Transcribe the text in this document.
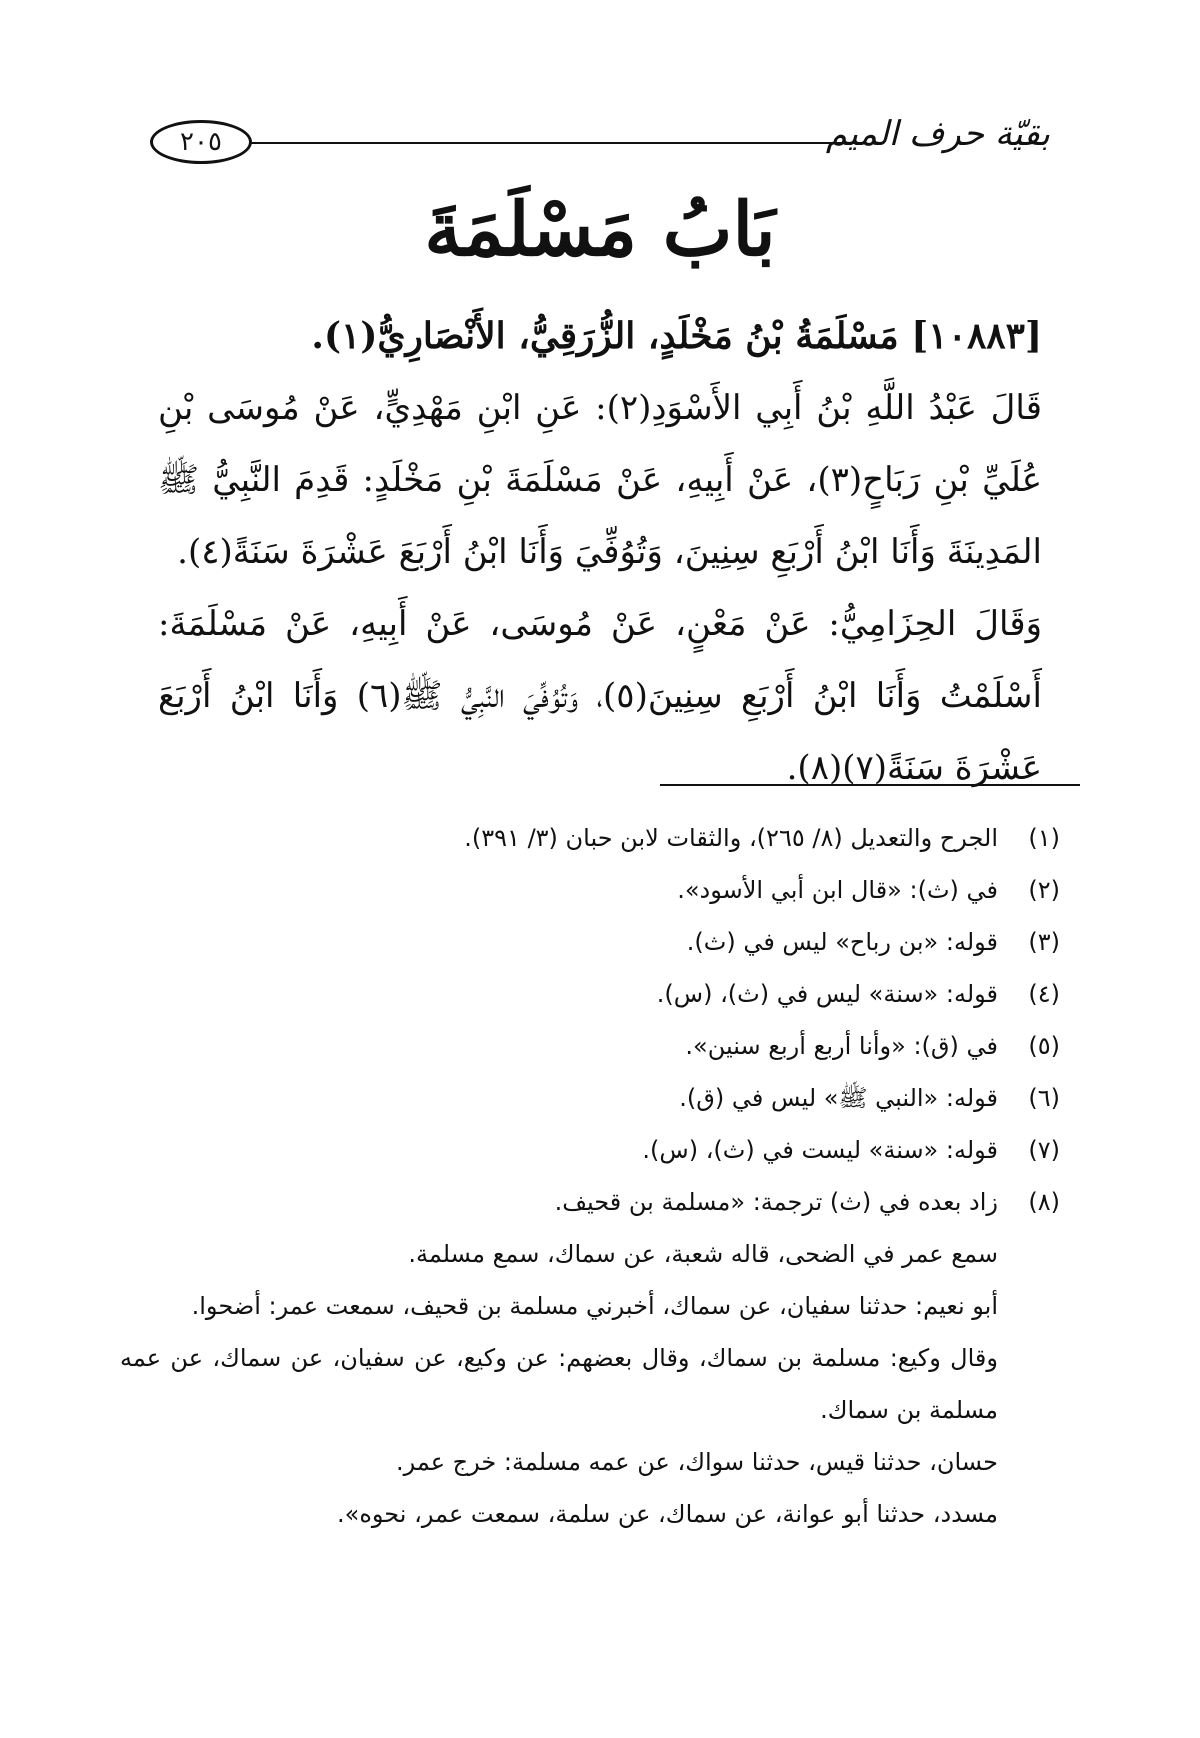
بقيّة حرف الميم
٢٠٥
بَابُ مَسْلَمَةَ

[١٠٨٨٣] مَسْلَمَةُ بْنُ مَخْلَدٍ، الزُّرَقِيُّ، الأَنْصَارِيُّ(١).

قَالَ عَبْدُ اللَّهِ بْنُ أَبِي الأَسْوَدِ(٢): عَنِ ابْنِ مَهْدِيٍّ، عَنْ مُوسَى بْنِ عُلَيِّ بْنِ رَبَاحٍ(٣)، عَنْ أَبِيهِ، عَنْ مَسْلَمَةَ بْنِ مَخْلَدٍ: قَدِمَ النَّبِيُّ ﷺ المَدِينَةَ وَأَنَا ابْنُ أَرْبَعِ سِنِينَ، وَتُوُفِّيَ وَأَنَا ابْنُ أَرْبَعَ عَشْرَةَ سَنَةً(٤).

وَقَالَ الحِزَامِيُّ: عَنْ مَعْنٍ، عَنْ مُوسَى، عَنْ أَبِيهِ، عَنْ مَسْلَمَةَ: أَسْلَمْتُ وَأَنَا ابْنُ أَرْبَعِ سِنِينَ(٥)، وَتُوُفِّيَ النَّبِيُّ ﷺ(٦) وَأَنَا ابْنُ أَرْبَعَ عَشْرَةَ سَنَةً(٧)(٨).

(١)
الجرح والتعديل (٨/ ٢٦٥)، والثقات لابن حبان (٣/ ٣٩١).
(٢)
في (ث): «قال ابن أبي الأسود».
(٣)
قوله: «بن رباح» ليس في (ث).
(٤)
قوله: «سنة» ليس في (ث)، (س).
(٥)
في (ق): «وأنا أربع أربع سنين».
(٦)
قوله: «النبي ﷺ» ليس في (ق).
(٧)
قوله: «سنة» ليست في (ث)، (س).
(٨)
زاد بعده في (ث) ترجمة: «مسلمة بن قحيف.
سمع عمر في الضحى، قاله شعبة، عن سماك، سمع مسلمة.
أبو نعيم: حدثنا سفيان، عن سماك، أخبرني مسلمة بن قحيف، سمعت عمر: أضحوا.
وقال وكيع: مسلمة بن سماك، وقال بعضهم: عن وكيع، عن سفيان، عن سماك، عن عمه مسلمة بن سماك.
حسان، حدثنا قيس، حدثنا سواك، عن عمه مسلمة: خرج عمر.
مسدد، حدثنا أبو عوانة، عن سماك، عن سلمة، سمعت عمر، نحوه».
